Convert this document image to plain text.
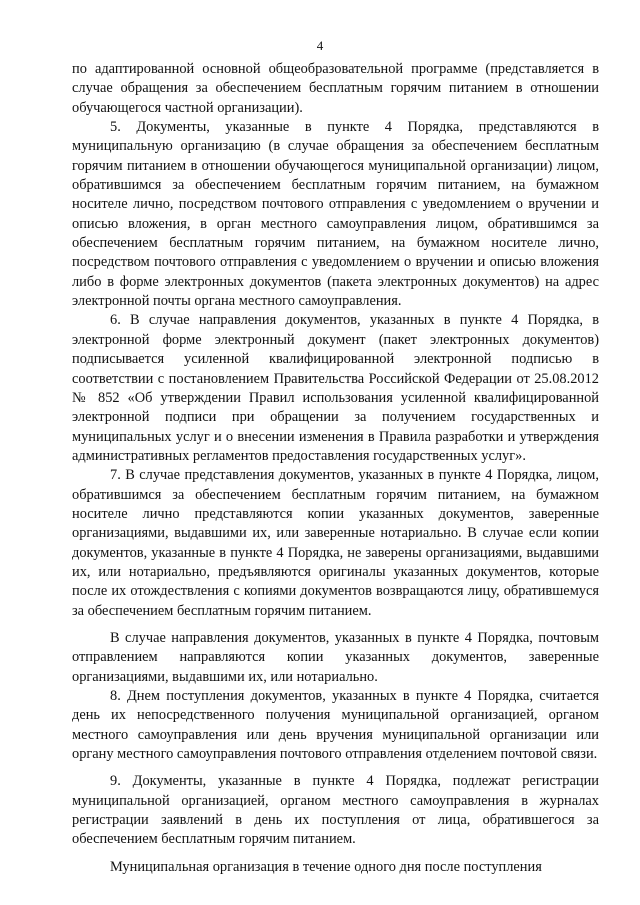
4

по адаптированной основной общеобразовательной программе (представляется в случае обращения за обеспечением бесплатным горячим питанием в отношении обучающегося частной организации).

5. Документы, указанные в пункте 4 Порядка, представляются в муниципальную организацию (в случае обращения за обеспечением бесплатным горячим питанием в отношении обучающегося муниципальной организации) лицом, обратившимся за обеспечением бесплатным горячим питанием, на бумажном носителе лично, посредством почтового отправления с уведомлением о вручении и описью вложения, в орган местного самоуправления лицом, обратившимся за обеспечением бесплатным горячим питанием, на бумажном носителе лично, посредством почтового отправления с уведомлением о вручении и описью вложения либо в форме электронных документов (пакета электронных документов) на адрес электронной почты органа местного самоуправления.

6. В случае направления документов, указанных в пункте 4 Порядка, в электронной форме электронный документ (пакет электронных документов) подписывается усиленной квалифицированной электронной подписью в соответствии с постановлением Правительства Российской Федерации от 25.08.2012 № 852 «Об утверждении Правил использования усиленной квалифицированной электронной подписи при обращении за получением государственных и муниципальных услуг и о внесении изменения в Правила разработки и утверждения административных регламентов предоставления государственных услуг».

7. В случае представления документов, указанных в пункте 4 Порядка, лицом, обратившимся за обеспечением бесплатным горячим питанием, на бумажном носителе лично представляются копии указанных документов, заверенные организациями, выдавшими их, или заверенные нотариально. В случае если копии документов, указанные в пункте 4 Порядка, не заверены организациями, выдавшими их, или нотариально, предъявляются оригиналы указанных документов, которые после их отождествления с копиями документов возвращаются лицу, обратившемуся за обеспечением бесплатным горячим питанием.

В случае направления документов, указанных в пункте 4 Порядка, почтовым отправлением направляются копии указанных документов, заверенные организациями, выдавшими их, или нотариально.

8. Днем поступления документов, указанных в пункте 4 Порядка, считается день их непосредственного получения муниципальной организацией, органом местного самоуправления или день вручения муниципальной организации или органу местного самоуправления почтового отправления отделением почтовой связи.

9. Документы, указанные в пункте 4 Порядка, подлежат регистрации муниципальной организацией, органом местного самоуправления в журналах регистрации заявлений в день их поступления от лица, обратившегося за обеспечением бесплатным горячим питанием.

Муниципальная организация в течение одного дня после поступления
